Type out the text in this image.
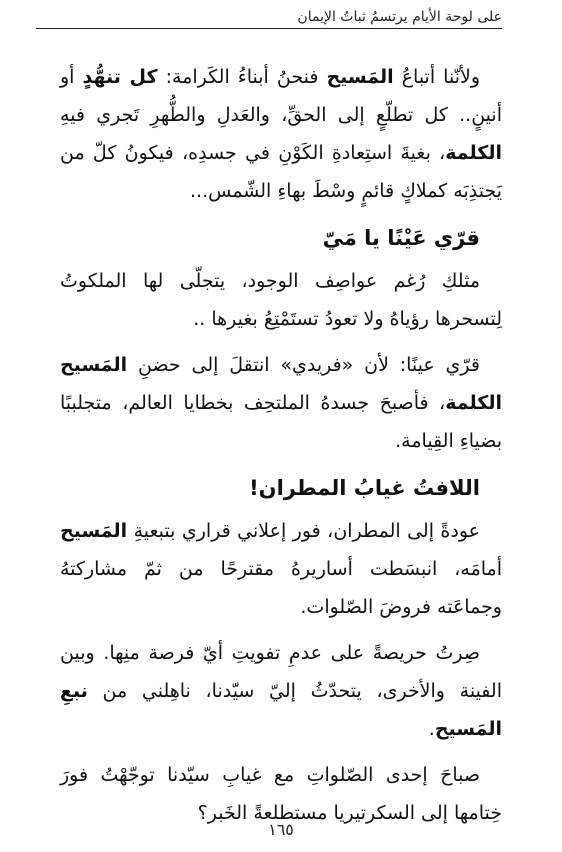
على لوحة الأيام يرتسمُ ثباتُ الإيمان

ولأنّنا أتباعُ المَسيح فنحنُ أبناءُ الكَرامة: كل تنهُّدٍ أو أنينٍ.. كل تطلّعٍ إلى الحقِّ، والعَدلِ والطُّهرِ تَجري فيهِ الكلمة، بغيةَ استِعادةِ الكَوْنِ في جسدِه، فيكونُ كلّ من يَجتذِبَه كملاكٍ قائمٍ وسْطَ بهاءِ الشّمس...

قرّي عَيْنًا يا مَيّ

مثلكِ رُغم عواصِف الوجود، يتجلّى لها الملكوتُ لِتسحرها رؤياهُ ولا تعودُ تستَمْتِعُ بغيرها ..

قرّي عينًا: لأن «فريدي» انتقلَ إلى حضنِ المَسيح الكلمة، فأصبحَ جسدهُ الملتحِف بخطايا العالم، متجلببًا بضياءِ القِيامة.

اللافتُ غيابُ المطران!

عودةً إلى المطران، فور إعلاني قراري بتبعيةِ المَسيح أمامَه، انبسَطت أساريرهُ مقترحًا من ثمّ مشاركتهُ وجماعَته فروضَ الصّلوات.

صِرتُ حريصةً على عدمِ تفويتِ أيّ فرصة منِها. وبين الفينة والأخرى، يتحدّثُ إليّ سيّدنا، ناهِلني من نبعِ المَسيح.

صباحَ إحدى الصّلواتِ مع غيابِ سيّدنا توجّهْتُ فورَ خِتامها إلى السكرتيريا مستطلعةً الخَبر؟

١٦٥
